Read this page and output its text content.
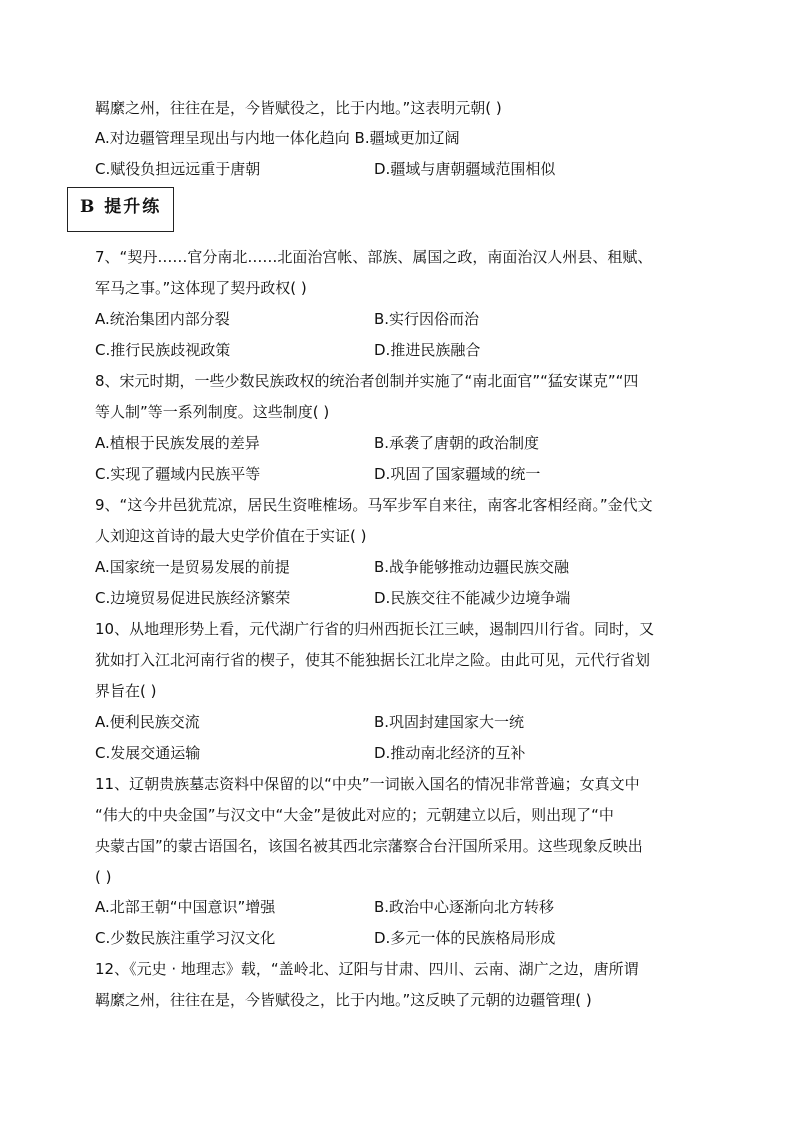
羁縻之州，往往在是，今皆赋役之，比于内地。”这表明元朝( )
A.对边疆管理呈现出与内地一体化趋向 B.疆域更加辽阔
C.赋役负担远远重于唐朝	D.疆域与唐朝疆域范围相似
B 提升练
7、“契丹……官分南北……北面治宫帐、部族、属国之政，南面治汉人州县、租赋、
军马之事。”这体现了契丹政权( )
A.统治集团内部分裂	B.实行因俗而治
C.推行民族歧视政策	D.推进民族融合
8、宋元时期，一些少数民族政权的统治者创制并实施了“南北面官”“猛安谋克”“四
等人制”等一系列制度。这些制度( )
A.植根于民族发展的差异	B.承袭了唐朝的政治制度
C.实现了疆域内民族平等	D.巩固了国家疆域的统一
9、“这今井邑犹荒凉，居民生资唯榷场。马军步军自来往，南客北客相经商。”金代文
人刘迎这首诗的最大史学价值在于实证( )
A.国家统一是贸易发展的前提	B.战争能够推动边疆民族交融
C.边境贸易促进民族经济繁荣	D.民族交往不能减少边境争端
10、从地理形势上看，元代湖广行省的归州西扼长江三峡，遏制四川行省。同时，又
犹如打入江北河南行省的楔子，使其不能独据长江北岸之险。由此可见，元代行省划
界旨在( )
A.便利民族交流	B.巩固封建国家大一统
C.发展交通运输	D.推动南北经济的互补
11、辽朝贵族墓志资料中保留的以“中央”一词嵌入国名的情况非常普遍；女真文中
“伟大的中央金国”与汉文中“大金”是彼此对应的；元朝建立以后，则出现了“中
央蒙古国”的蒙古语国名，该国名被其西北宗藩察合台汗国所采用。这些现象反映出
( )
A.北部王朝“中国意识”增强	B.政治中心逐渐向北方转移
C.少数民族注重学习汉文化	D.多元一体的民族格局形成
12、《元史 · 地理志》载，“盖岭北、辽阳与甘肃、四川、云南、湖广之边，唐所谓
羁縻之州，往往在是，今皆赋役之，比于内地。”这反映了元朝的边疆管理( )
